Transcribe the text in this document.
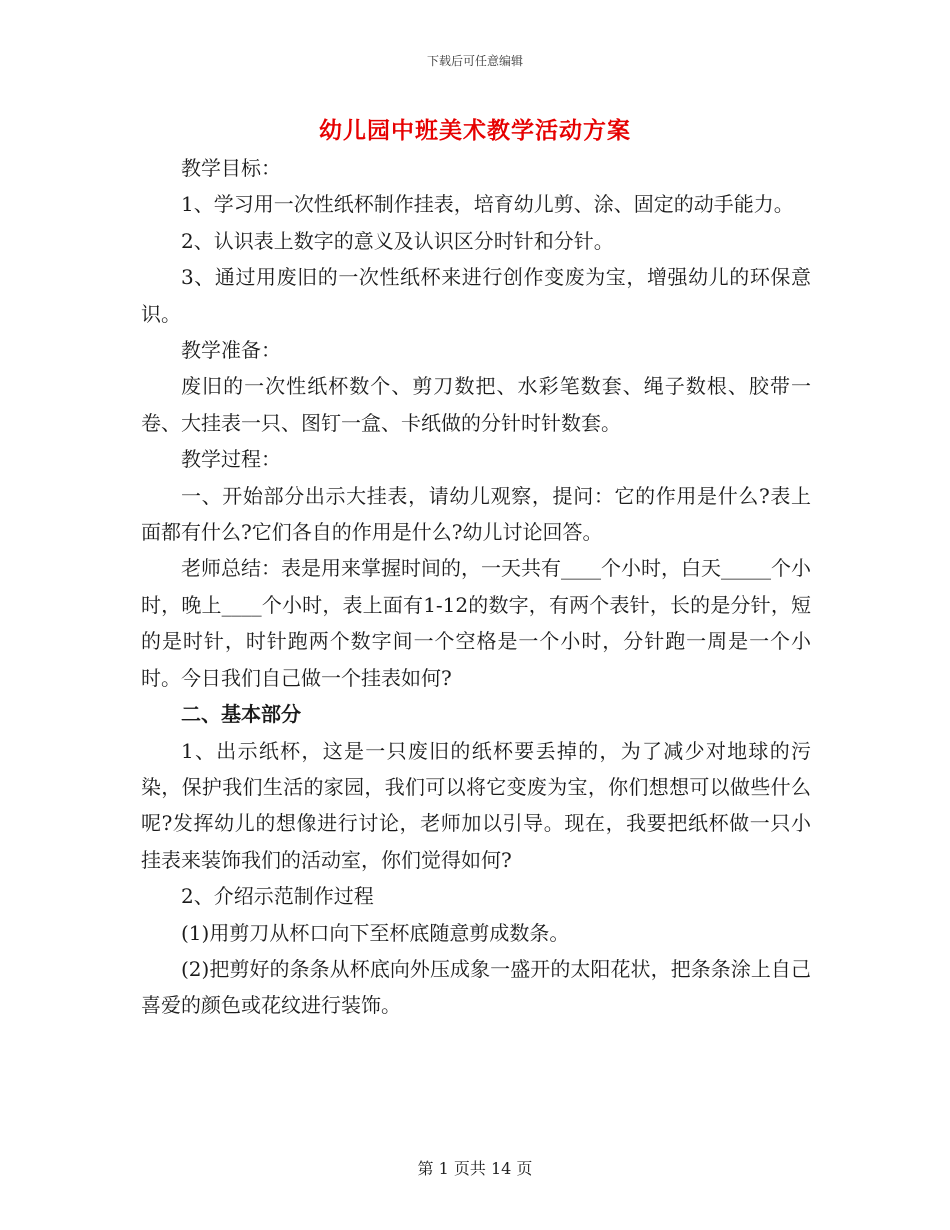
下载后可任意编辑
幼儿园中班美术教学活动方案

教学目标：

1、学习用一次性纸杯制作挂表，培育幼儿剪、涂、固定的动手能力。

2、认识表上数字的意义及认识区分时针和分针。

3、通过用废旧的一次性纸杯来进行创作变废为宝，增强幼儿的环保意识。

教学准备：

废旧的一次性纸杯数个、剪刀数把、水彩笔数套、绳子数根、胶带一卷、大挂表一只、图钉一盒、卡纸做的分针时针数套。

教学过程：

一、开始部分出示大挂表，请幼儿观察，提问：它的作用是什么?表上面都有什么?它们各自的作用是什么?幼儿讨论回答。

老师总结：表是用来掌握时间的，一天共有____个小时，白天_____个小时，晚上____个小时，表上面有1-12的数字，有两个表针，长的是分针，短的是时针，时针跑两个数字间一个空格是一个小时，分针跑一周是一个小时。今日我们自己做一个挂表如何?

二、基本部分

1、出示纸杯，这是一只废旧的纸杯要丢掉的，为了减少对地球的污染，保护我们生活的家园，我们可以将它变废为宝，你们想想可以做些什么呢?发挥幼儿的想像进行讨论，老师加以引导。现在，我要把纸杯做一只小挂表来装饰我们的活动室，你们觉得如何?

2、介绍示范制作过程

(1)用剪刀从杯口向下至杯底随意剪成数条。

(2)把剪好的条条从杯底向外压成象一盛开的太阳花状，把条条涂上自己喜爱的颜色或花纹进行装饰。

第 1 页共 14 页
